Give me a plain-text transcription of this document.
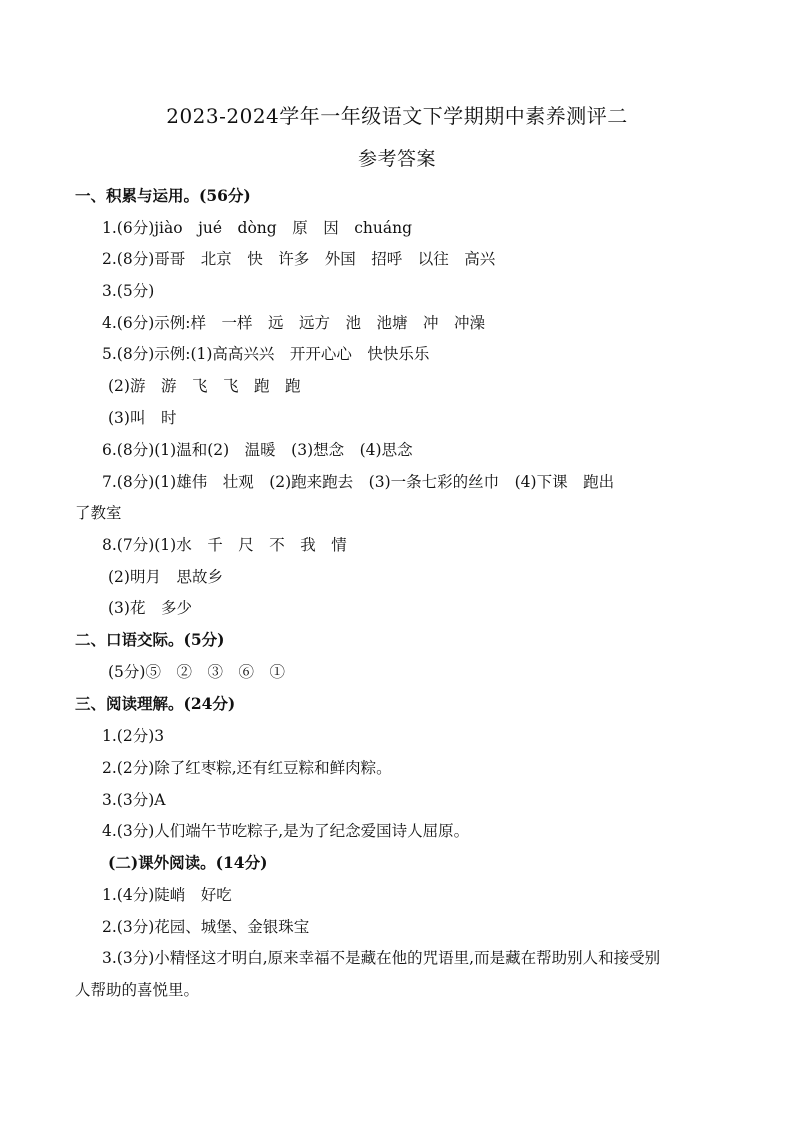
2023-2024学年一年级语文下学期期中素养测评二
参考答案
一、积累与运用。(56分)
1.(6分)jiào　jué　dòng　原　因　chuáng
2.(8分)哥哥　北京　快　许多　外国　招呼　以往　高兴
3.(5分)
4.(6分)示例:样　一样　远　远方　池　池塘　冲　冲澡
5.(8分)示例:(1)高高兴兴　开开心心　快快乐乐
(2)游　游　飞　飞　跑　跑
(3)叫　时
6.(8分)(1)温和(2)　温暖　(3)想念　(4)思念
7.(8分)(1)雄伟　壮观　(2)跑来跑去　(3)一条七彩的丝巾　(4)下课　跑出
了教室
8.(7分)(1)水　千　尺　不　我　情
(2)明月　思故乡
(3)花　多少
二、口语交际。(5分)
(5分)⑤　②　③　⑥　①
三、阅读理解。(24分)
1.(2分)3
2.(2分)除了红枣粽,还有红豆粽和鲜肉粽。
3.(3分)A
4.(3分)人们端午节吃粽子,是为了纪念爱国诗人屈原。
(二)课外阅读。(14分)
1.(4分)陡峭　好吃
2.(3分)花园、城堡、金银珠宝
3.(3分)小精怪这才明白,原来幸福不是藏在他的咒语里,而是藏在帮助别人和接受别
人帮助的喜悦里。
